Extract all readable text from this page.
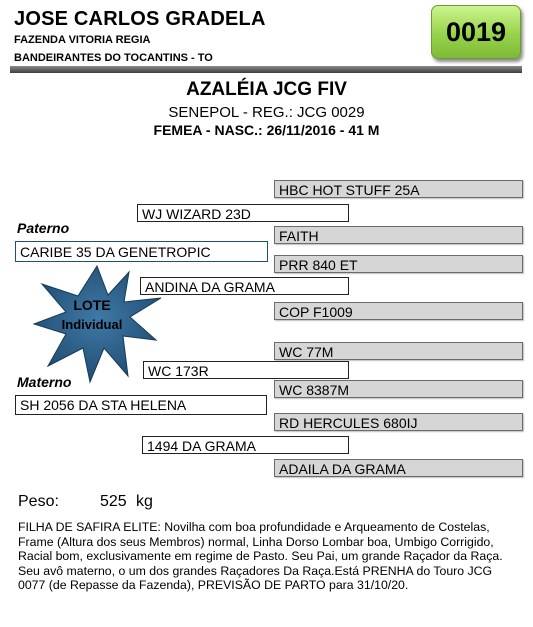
JOSE CARLOS GRADELA
FAZENDA VITORIA REGIA
BANDEIRANTES DO TOCANTINS - TO
0019
AZALÉIA JCG FIV
SENEPOL - REG.: JCG 0029
FEMEA - NASC.: 26/11/2016 - 41 M
LOTE
Individual
Paterno
Materno
HBC HOT STUFF 25A
FAITH
PRR 840 ET
COP F1009
WC 77M
WC 8387M
RD HERCULES 680IJ
ADAILA DA GRAMA
WJ WIZARD 23D
ANDINA DA GRAMA
WC 173R
1494 DA GRAMA
CARIBE 35 DA GENETROPIC
SH 2056 DA STA HELENA
Peso:	525 kg
FILHA DE SAFIRA ELITE: Novilha com boa profundidade e Arqueamento de Costelas, Frame (Altura dos seus Membros) normal, Linha Dorso Lombar boa, Umbigo Corrigido, Racial bom, exclusivamente em regime de Pasto. Seu Pai, um grande Raçador da Raça. Seu avô materno, o um dos grandes Raçadores Da Raça.Está PRENHA do Touro JCG 0077 (de Repasse da Fazenda), PREVISÃO DE PARTO para 31/10/20.
